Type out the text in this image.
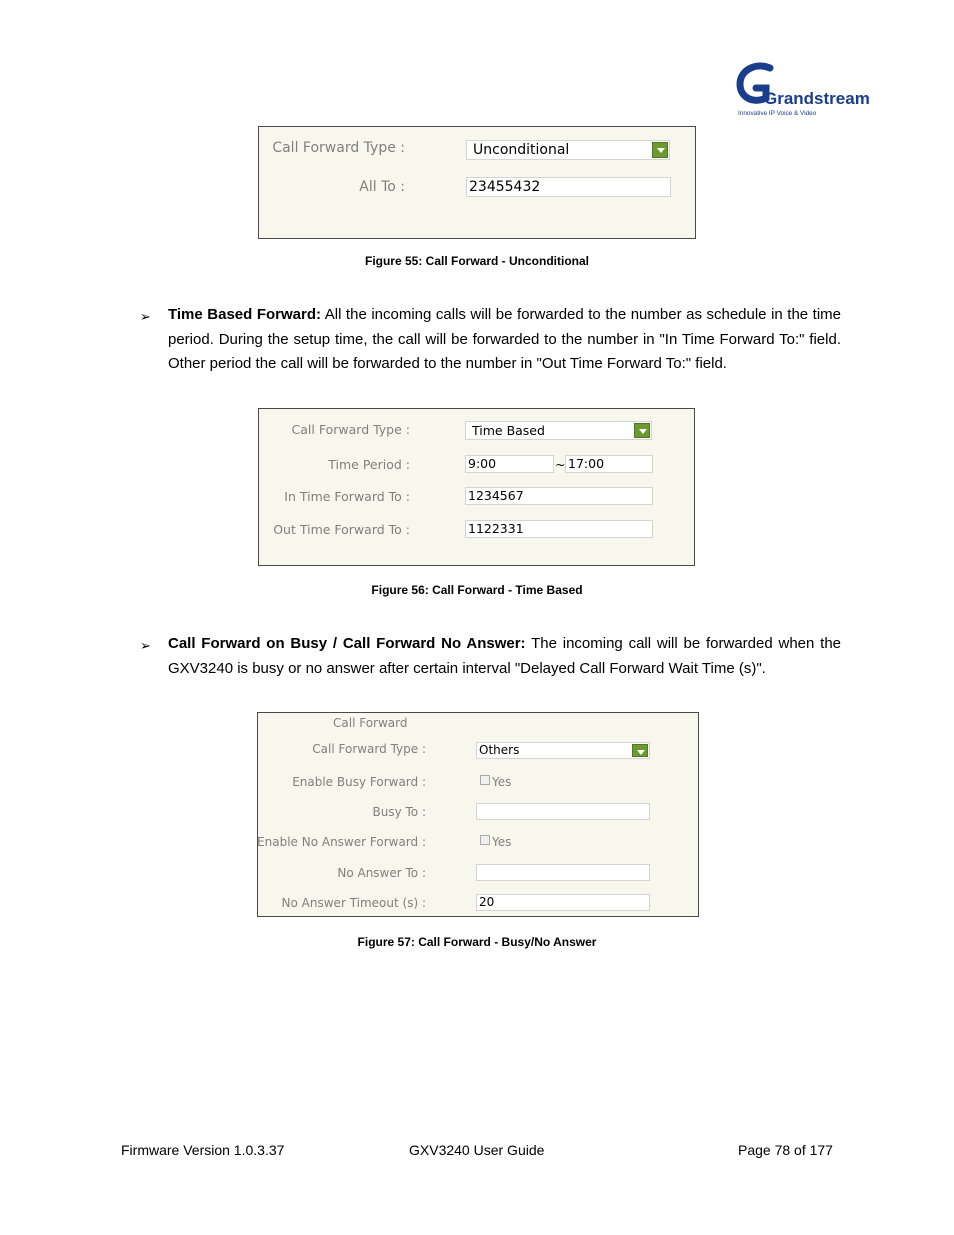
Grandstream
Innovative IP Voice & Video
Call Forward Type :	Unconditional
All To :	23455432
Figure 55: Call Forward - Unconditional
➢ Time Based Forward: All the incoming calls will be forwarded to the number as schedule in the time period. During the setup time, the call will be forwarded to the number in "In Time Forward To:" field. Other period the call will be forwarded to the number in "Out Time Forward To:" field.
Call Forward Type :	Time Based
Time Period :	9:00	~ 17:00
In Time Forward To :	1234567
Out Time Forward To :	1122331
Figure 56: Call Forward - Time Based
➢ Call Forward on Busy / Call Forward No Answer: The incoming call will be forwarded when the GXV3240 is busy or no answer after certain interval "Delayed Call Forward Wait Time (s)".
Call Forward
Call Forward Type :	Others
Enable Busy Forward :	Yes
Busy To :
Enable No Answer Forward :	Yes
No Answer To :
No Answer Timeout (s) :	20
Figure 57: Call Forward - Busy/No Answer
Firmware Version 1.0.3.37	GXV3240 User Guide	Page 78 of 177
